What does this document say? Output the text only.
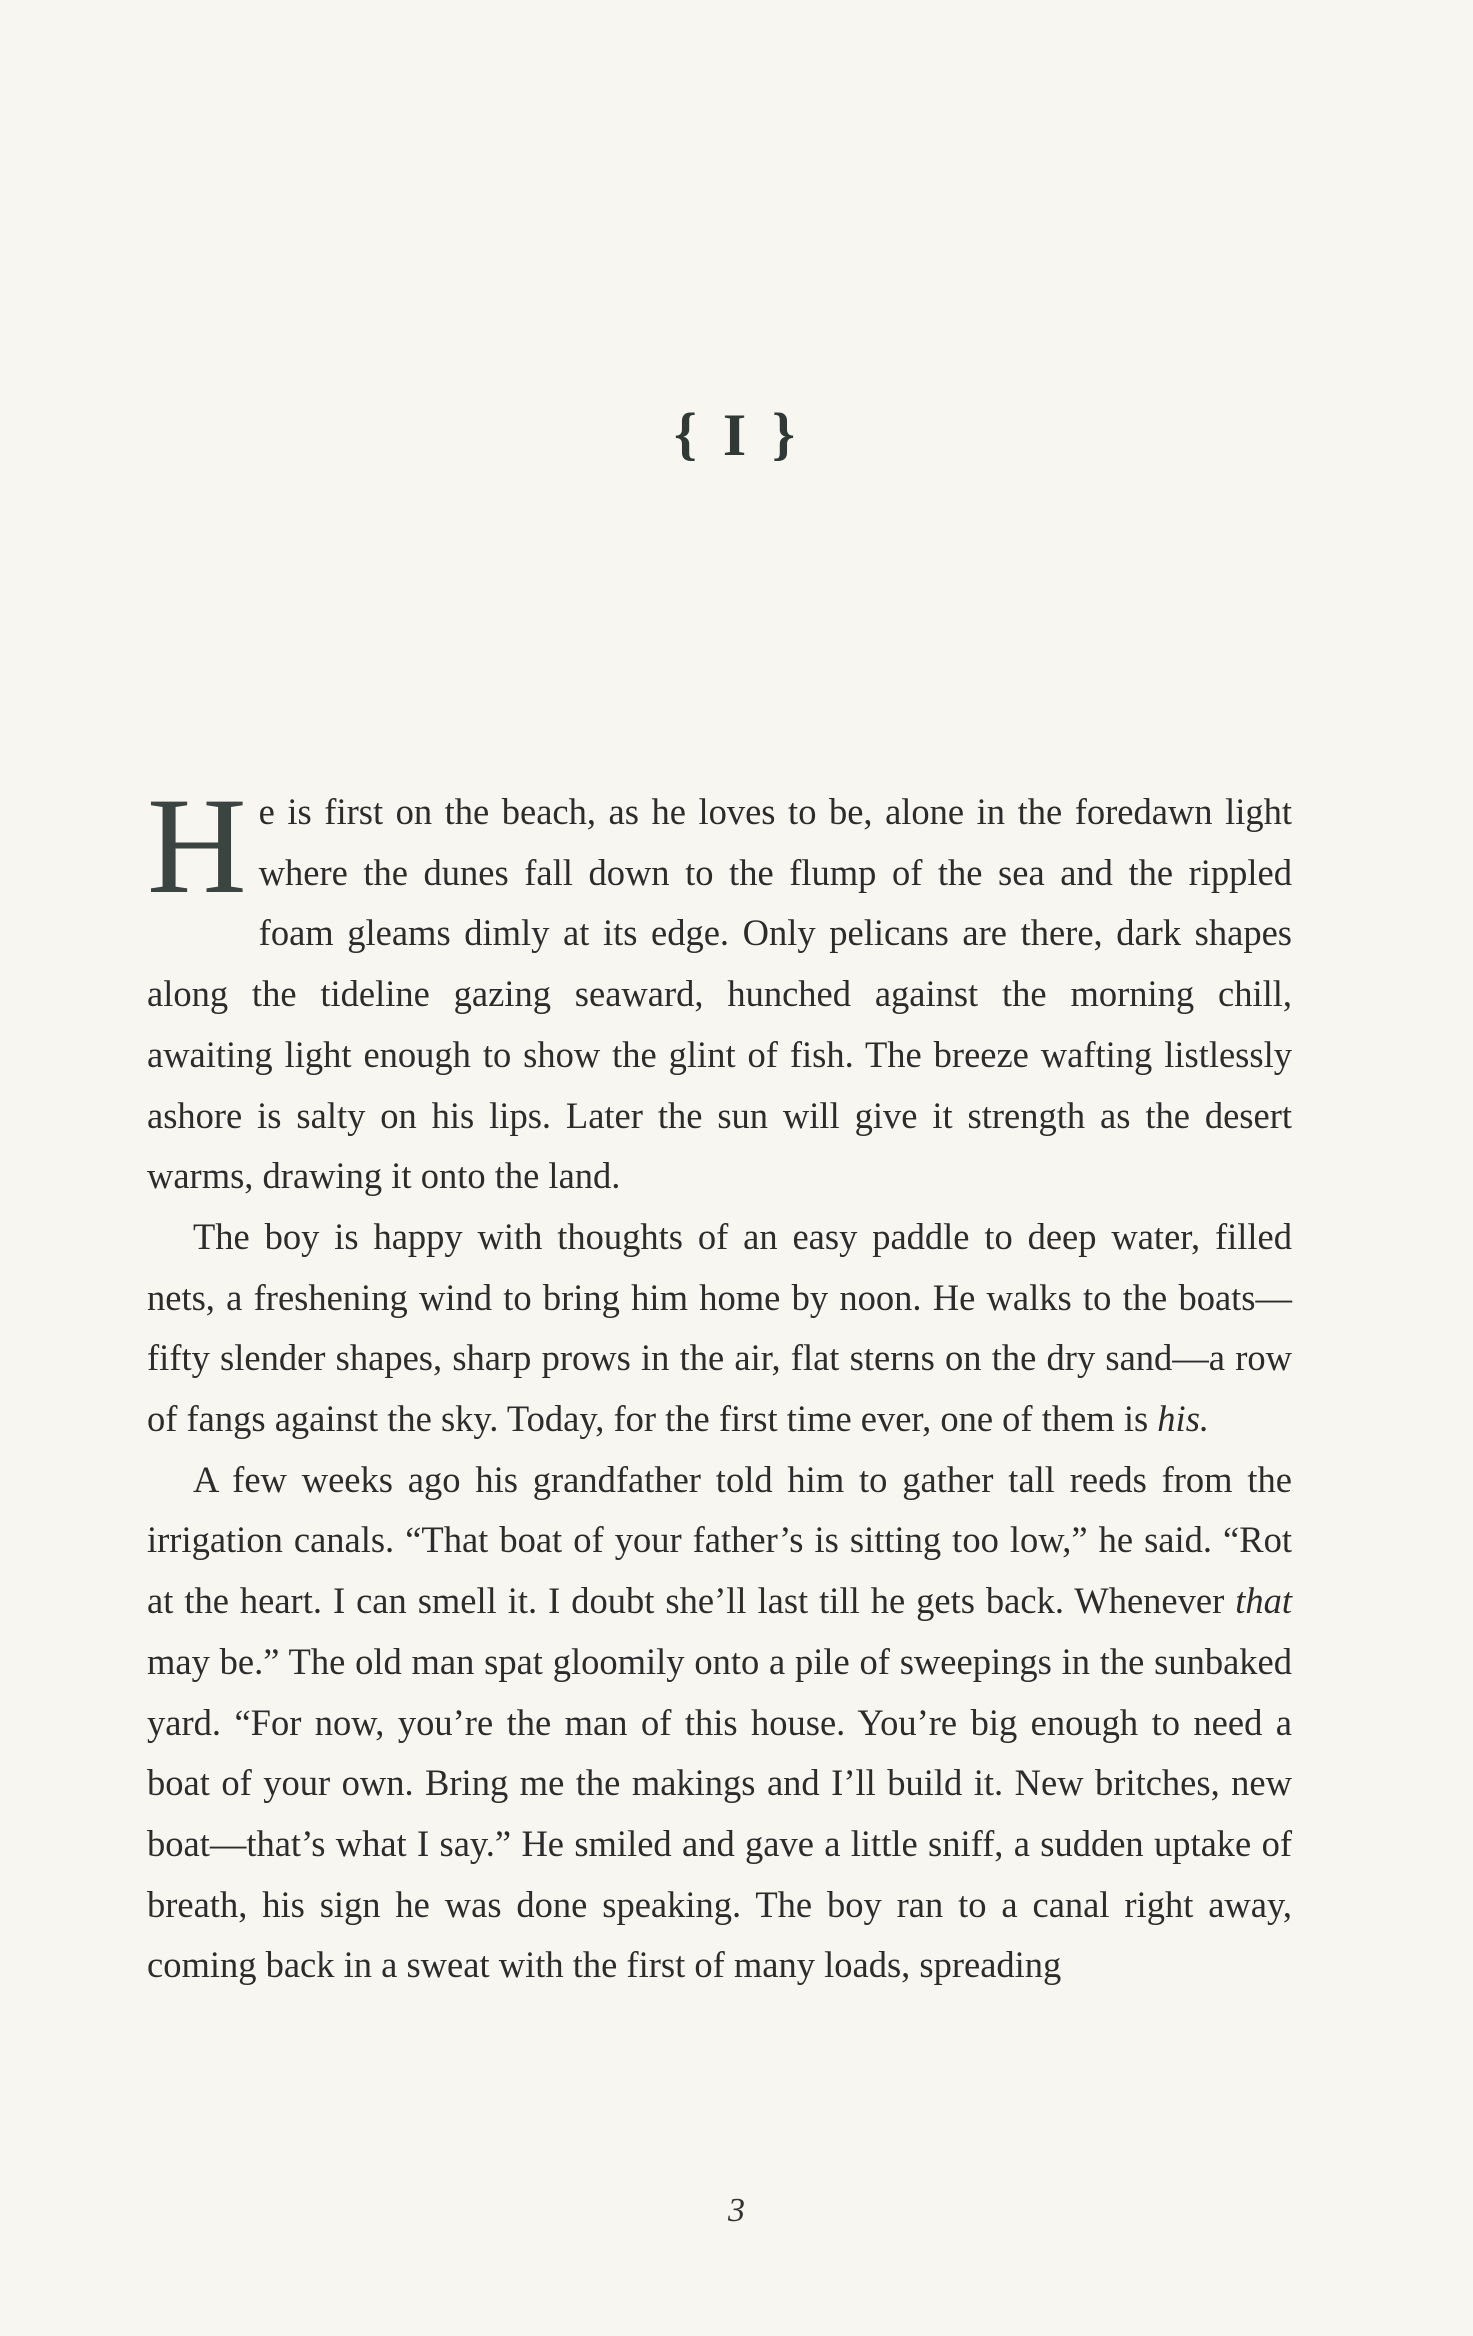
{ I }

He is first on the beach, as he loves to be, alone in the foredawn light where the dunes fall down to the flump of the sea and the rippled foam gleams dimly at its edge. Only pelicans are there, dark shapes along the tideline gazing seaward, hunched against the morning chill, awaiting light enough to show the glint of fish. The breeze wafting listlessly ashore is salty on his lips. Later the sun will give it strength as the desert warms, drawing it onto the land.

The boy is happy with thoughts of an easy paddle to deep water, filled nets, a freshening wind to bring him home by noon. He walks to the boats—fifty slender shapes, sharp prows in the air, flat sterns on the dry sand—a row of fangs against the sky. Today, for the first time ever, one of them is his.

A few weeks ago his grandfather told him to gather tall reeds from the irrigation canals. “That boat of your father’s is sitting too low,” he said. “Rot at the heart. I can smell it. I doubt she’ll last till he gets back. Whenever that may be.” The old man spat gloomily onto a pile of sweepings in the sunbaked yard. “For now, you’re the man of this house. You’re big enough to need a boat of your own. Bring me the makings and I’ll build it. New britches, new boat—that’s what I say.” He smiled and gave a little sniff, a sudden uptake of breath, his sign he was done speaking. The boy ran to a canal right away, coming back in a sweat with the first of many loads, spreading

3
